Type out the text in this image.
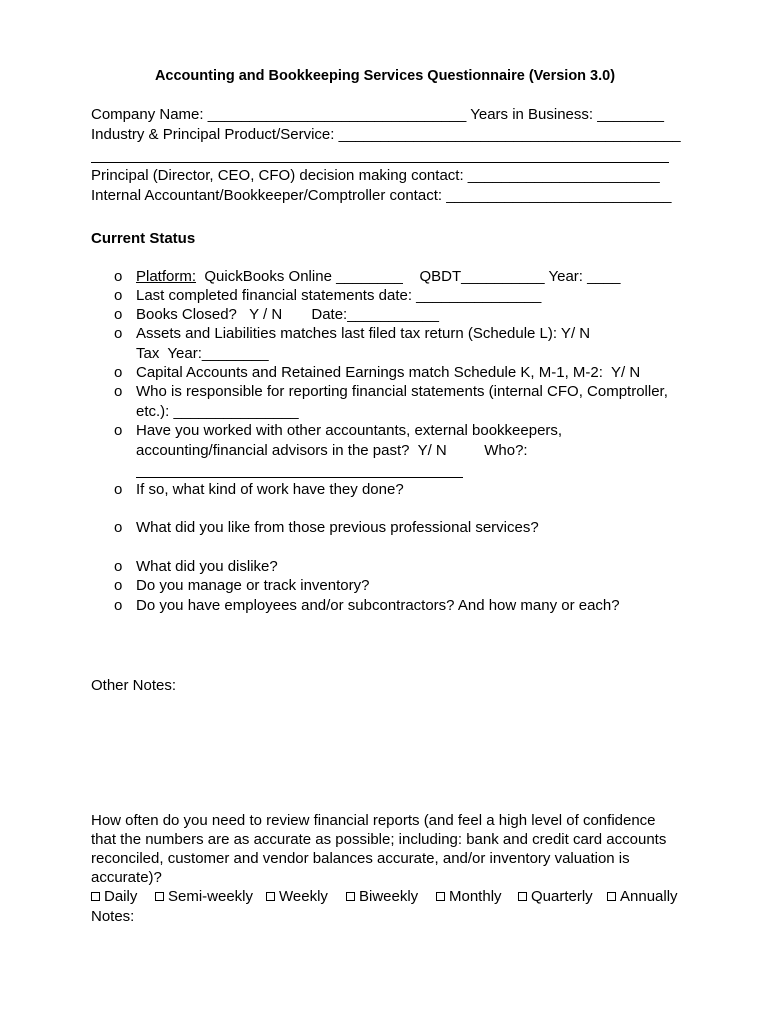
Accounting and Bookkeeping Services Questionnaire (Version 3.0)
Company Name: _______________________________ Years in Business: ________
Industry & Principal Product/Service: _________________________________________
Principal (Director, CEO, CFO) decision making contact: _______________________
Internal Accountant/Bookkeeper/Comptroller contact: ___________________________
Current Status
o Platform:  QuickBooks Online ________    QBDT__________ Year: ____
o Last completed financial statements date: _______________
o Books Closed?   Y / N       Date:___________
o Assets and Liabilities matches last filed tax return (Schedule L): Y/ N
Tax  Year:________
o Capital Accounts and Retained Earnings match Schedule K, M-1, M-2:  Y/ N
o Who is responsible for reporting financial statements (internal CFO, Comptroller,
etc.): _______________
o Have you worked with other accountants, external bookkeepers,
accounting/financial advisors in the past?  Y/ N         Who?:
o If so, what kind of work have they done?
o What did you like from those previous professional services?
o What did you dislike?
o Do you manage or track inventory?
o Do you have employees and/or subcontractors? And how many or each?
Other Notes:
How often do you need to review financial reports (and feel a high level of confidence
that the numbers are as accurate as possible; including: bank and credit card accounts
reconciled, customer and vendor balances accurate, and/or inventory valuation is
accurate)?
Daily	Semi-weekly	Weekly	Biweekly	Monthly	Quarterly	Annually
Notes:
